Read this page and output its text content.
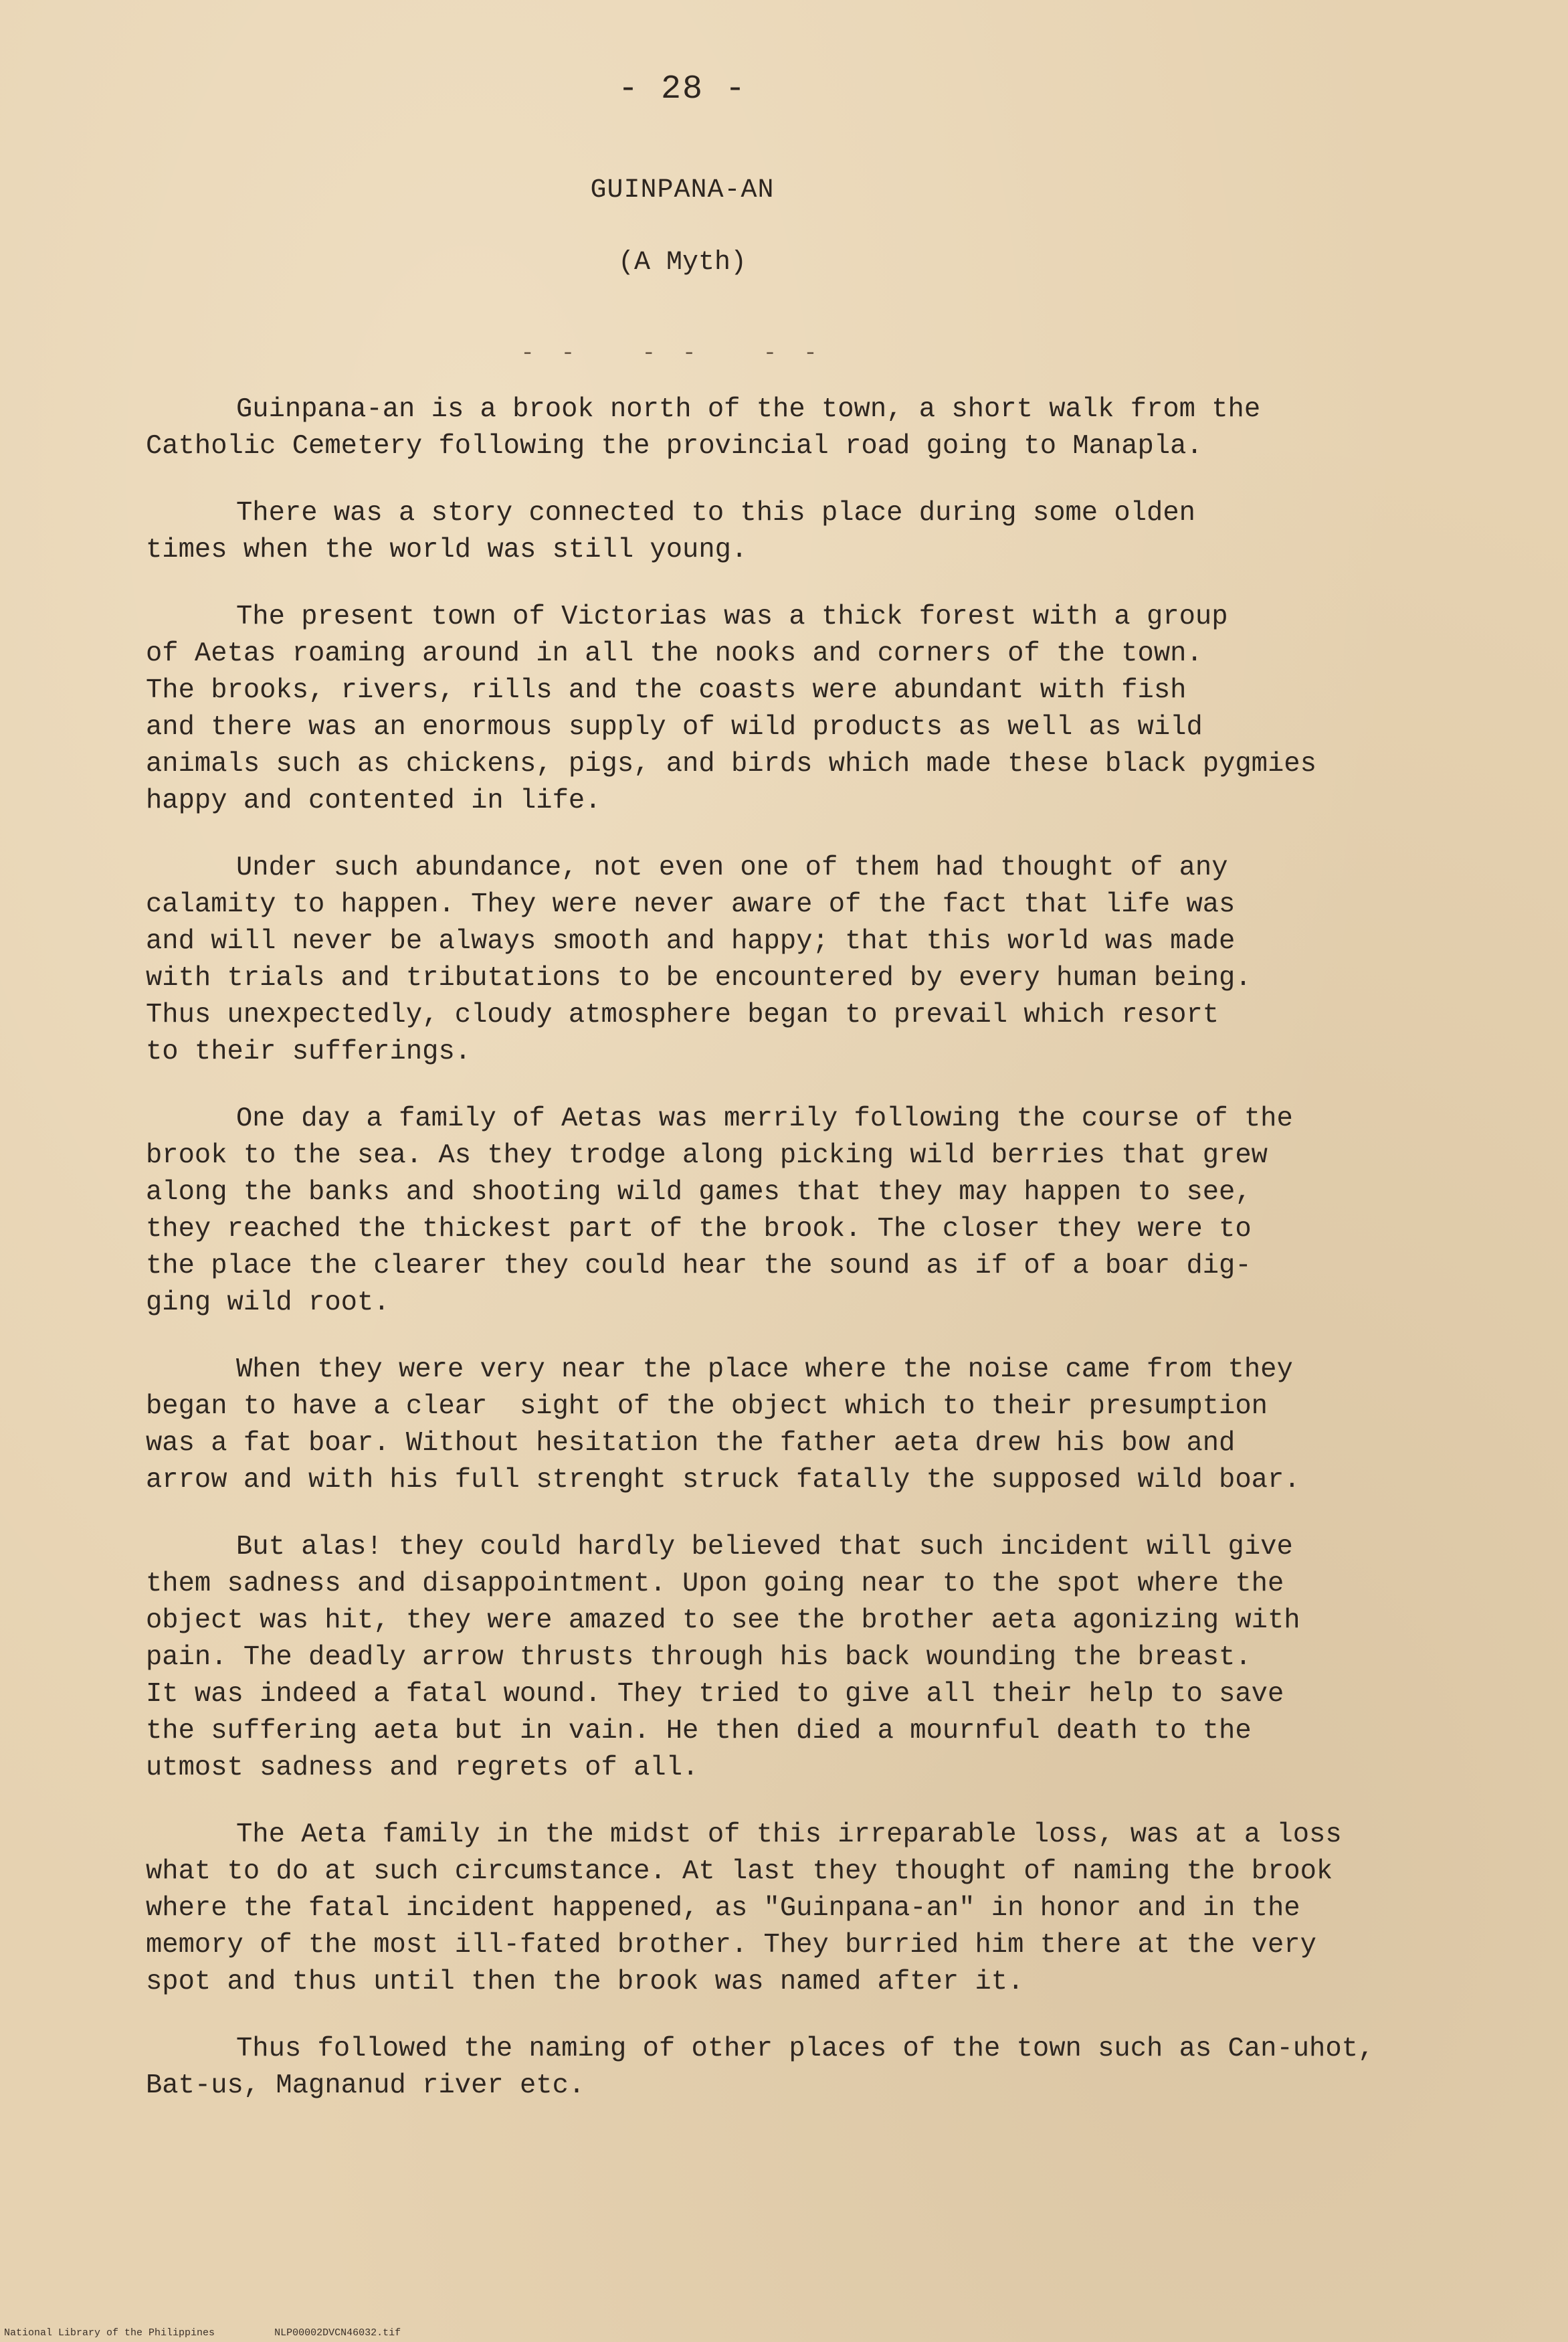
- 28 -
GUINPANA-AN
(A Myth)
-- -- --

Guinpana-an is a brook north of the town, a short walk from the
Catholic Cemetery following the provincial road going to Manapla.

There was a story connected to this place during some olden
times when the world was still young.

The present town of Victorias was a thick forest with a group
of Aetas roaming around in all the nooks and corners of the town.
The brooks, rivers, rills and the coasts were abundant with fish
and there was an enormous supply of wild products as well as wild
animals such as chickens, pigs, and birds which made these black pygmies
happy and contented in life.

Under such abundance, not even one of them had thought of any
calamity to happen. They were never aware of the fact that life was
and will never be always smooth and happy; that this world was made
with trials and tributations to be encountered by every human being.
Thus unexpectedly, cloudy atmosphere began to prevail which resort
to their sufferings.

One day a family of Aetas was merrily following the course of the
brook to the sea. As they trodge along picking wild berries that grew
along the banks and shooting wild games that they may happen to see,
they reached the thickest part of the brook. The closer they were to
the place the clearer they could hear the sound as if of a boar dig-
ging wild root.

When they were very near the place where the noise came from they
began to have a clear  sight of the object which to their presumption
was a fat boar. Without hesitation the father aeta drew his bow and
arrow and with his full strenght struck fatally the supposed wild boar.

But alas! they could hardly believed that such incident will give
them sadness and disappointment. Upon going near to the spot where the
object was hit, they were amazed to see the brother aeta agonizing with
pain. The deadly arrow thrusts through his back wounding the breast.
It was indeed a fatal wound. They tried to give all their help to save
the suffering aeta but in vain. He then died a mournful death to the
utmost sadness and regrets of all.

The Aeta family in the midst of this irreparable loss, was at a loss
what to do at such circumstance. At last they thought of naming the brook
where the fatal incident happened, as "Guinpana-an" in honor and in the
memory of the most ill-fated brother. They burried him there at the very
spot and thus until then the brook was named after it.

Thus followed the naming of other places of the town such as Can-uhot,
Bat-us, Magnanud river etc.

National Library of the Philippines	NLP00002DVCN46032.tif
